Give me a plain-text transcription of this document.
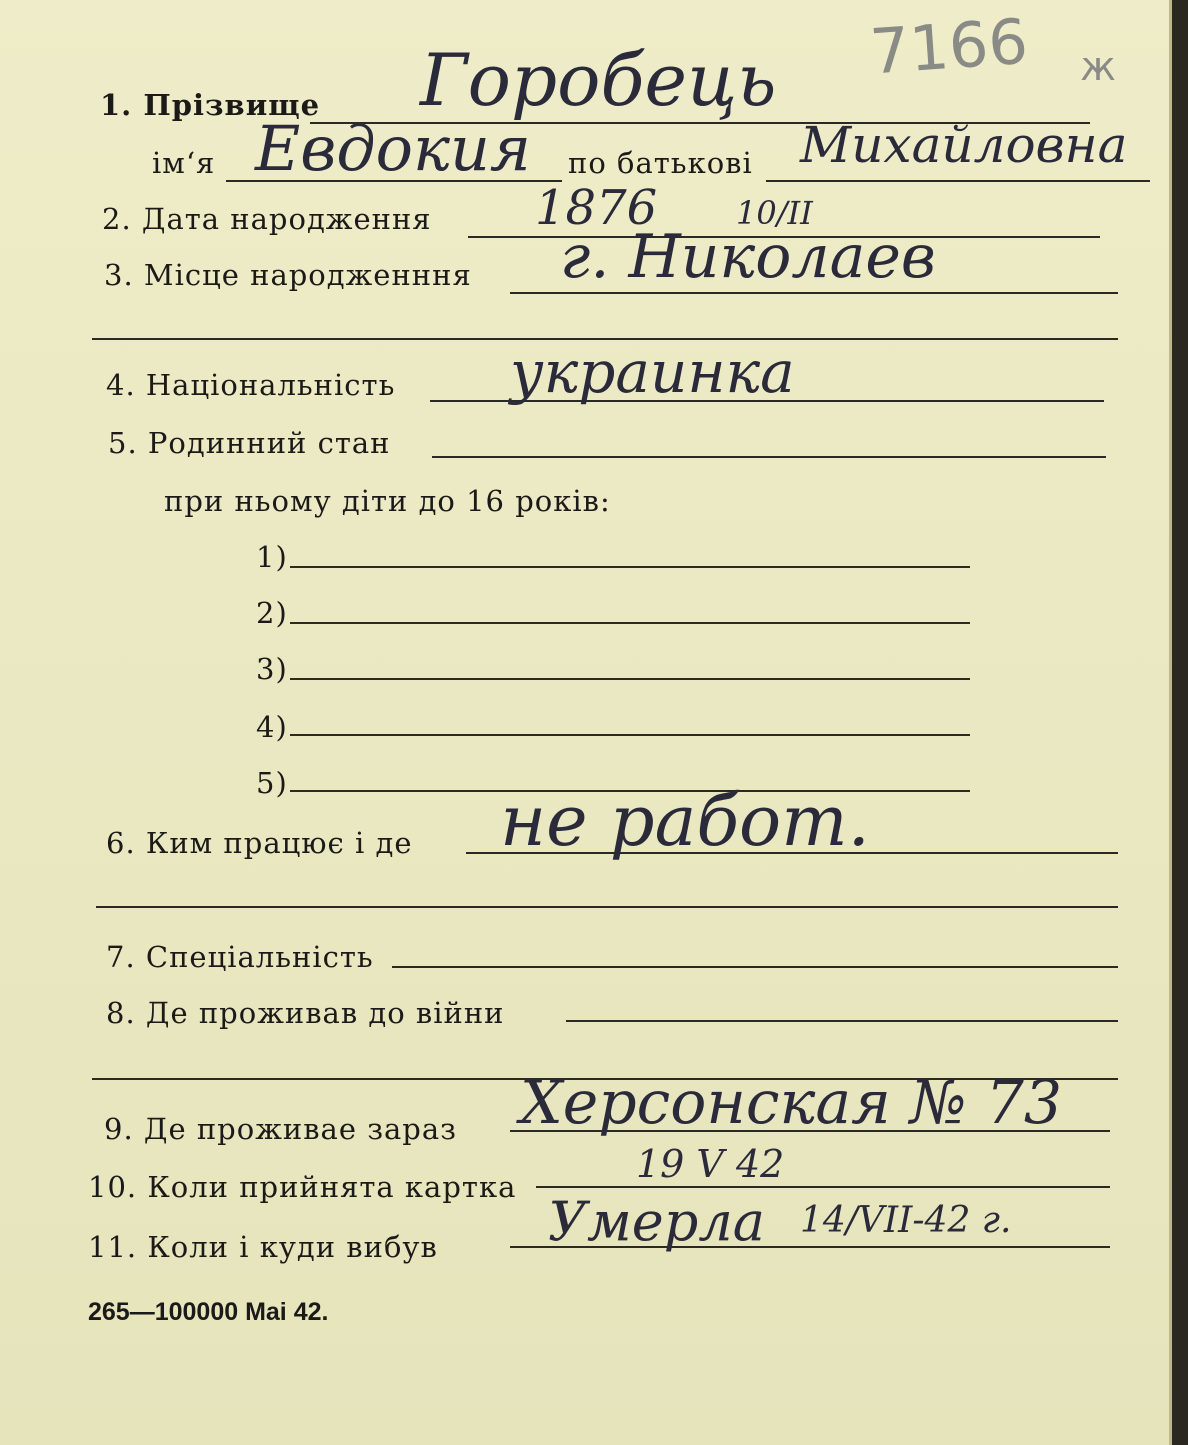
7166 ж
1. Прізвище Горобець
ім‘я Евдокия по батькові Михайловна
2. Дата народження 1876 10/II
3. Місце народженння г. Николаев
4. Національність украинка
5. Родинний стан
при ньому діти до 16 років:
1)
2)
3)
4)
5)
6. Ким працює і де не работ.
7. Спеціальність
8. Де проживав до війни
9. Де проживае зараз Херсонская № 73
10. Коли прийнята картка
19 V 42
11. Коли і куди вибув Умерла 14/VII-42 г.
265—100000 Mai 42.
